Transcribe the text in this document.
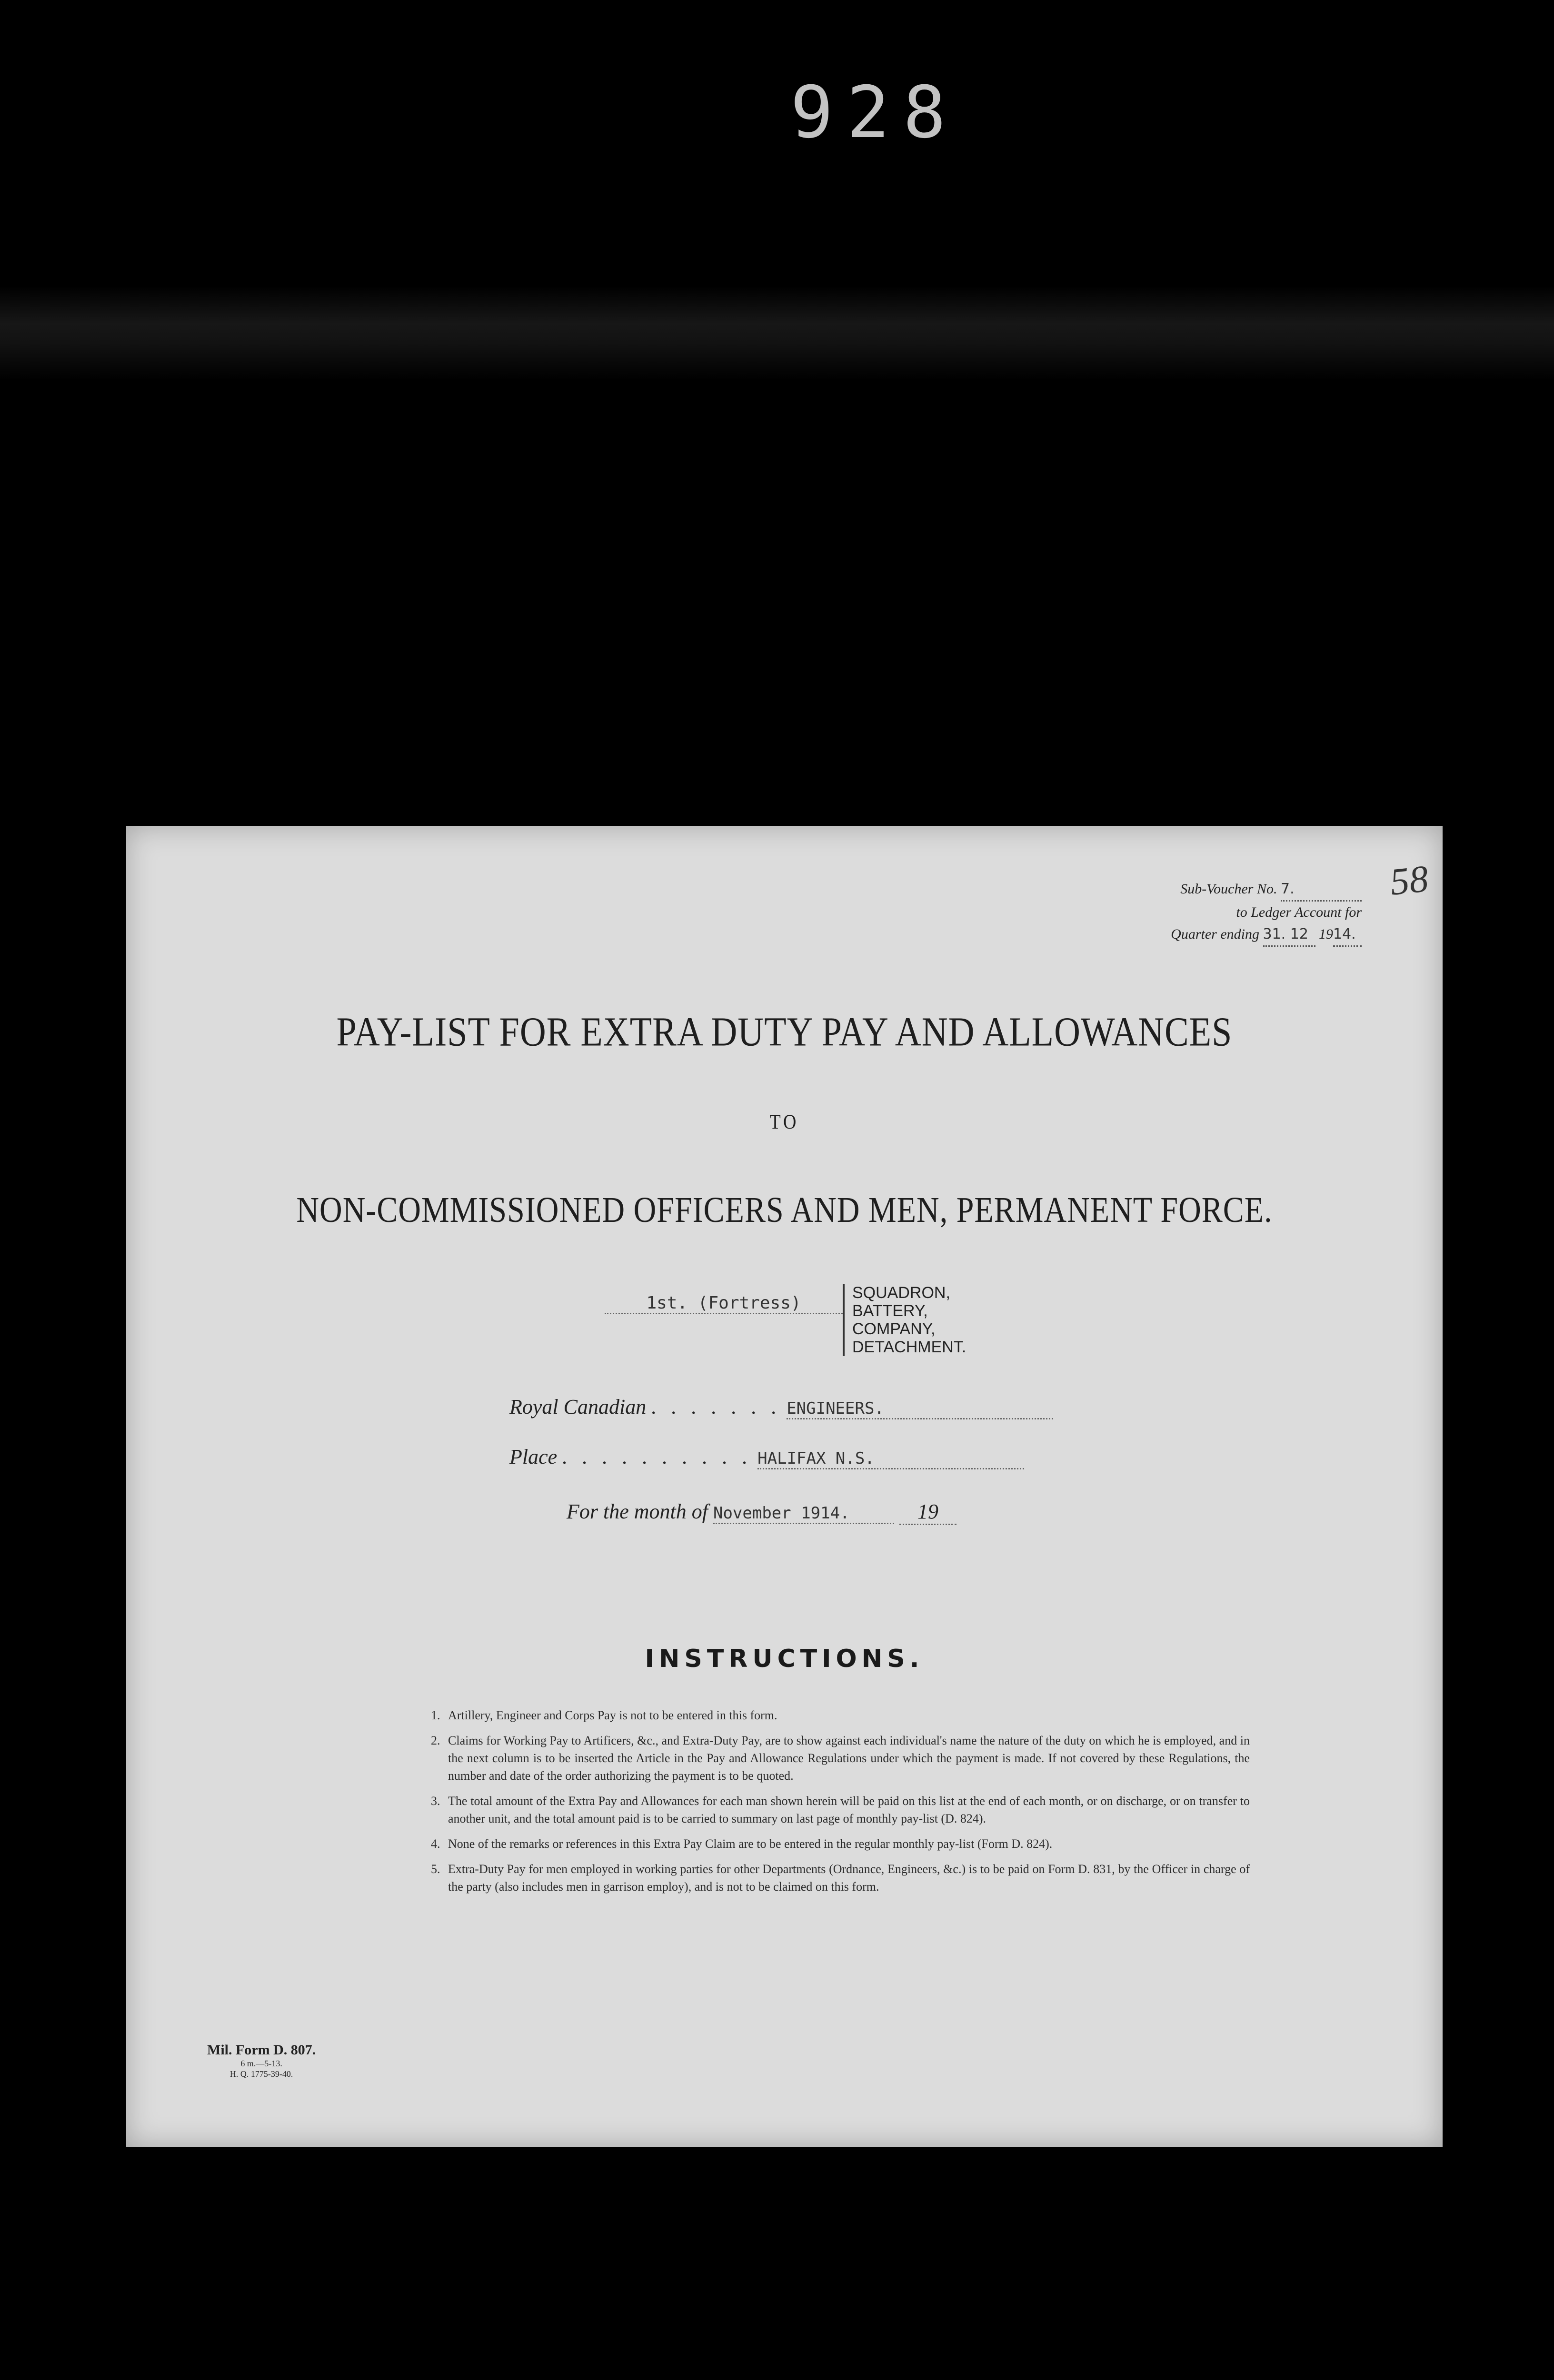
928
Sub-Voucher No. 7.
to Ledger Account for
Quarter ending 31. 12 1914.
58
PAY-LIST FOR EXTRA DUTY PAY AND ALLOWANCES
TO
NON-COMMISSIONED OFFICERS AND MEN, PERMANENT FORCE.
1st. (Fortress)
SQUADRON,
BATTERY,
COMPANY,
DETACHMENT.
Royal Canadian . . . . . . . ENGINEERS.
Place . . . . . . . . . . HALIFAX N.S.
For the month of November 1914.	19
INSTRUCTIONS.
1. Artillery, Engineer and Corps Pay is not to be entered in this form.
2. Claims for Working Pay to Artificers, &c., and Extra-Duty Pay, are to show against each individual's name the nature of the duty on which he is employed, and in the next column is to be inserted the Article in the Pay and Allowance Regulations under which the payment is made. If not covered by these Regulations, the number and date of the order authorizing the payment is to be quoted.
3. The total amount of the Extra Pay and Allowances for each man shown herein will be paid on this list at the end of each month, or on discharge, or on transfer to another unit, and the total amount paid is to be carried to summary on last page of monthly pay-list (D. 824).
4. None of the remarks or references in this Extra Pay Claim are to be entered in the regular monthly pay-list (Form D. 824).
5. Extra-Duty Pay for men employed in working parties for other Departments (Ordnance, Engineers, &c.) is to be paid on Form D. 831, by the Officer in charge of the party (also includes men in garrison employ), and is not to be claimed on this form.
Mil. Form D. 807.
6 m.—5-13.
H. Q. 1775-39-40.
